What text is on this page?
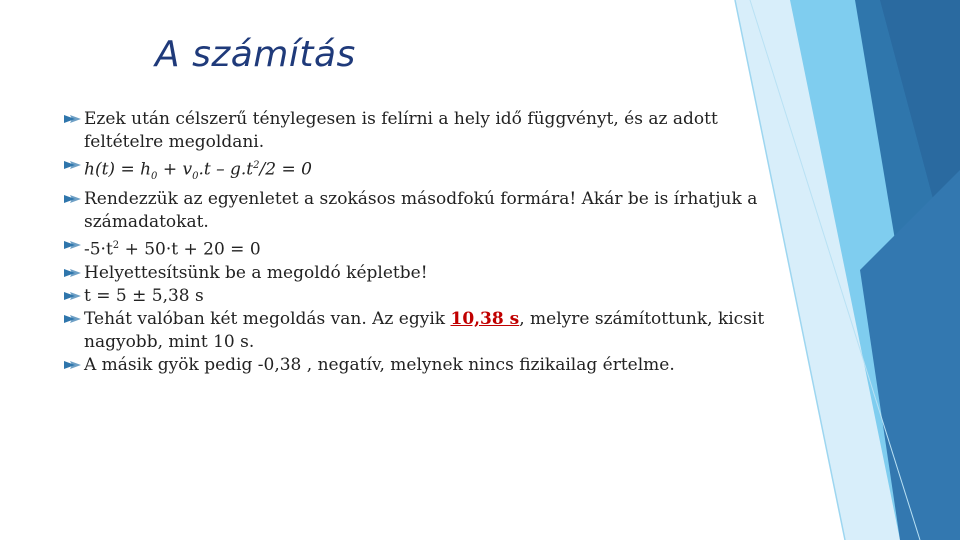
A számítás
Ezek után célszerű ténylegesen is felírni a hely idő függvényt, és az adott feltételre megoldani.
$h(t) = h_0 + v_0.t - g.t^2/2 = 0$
Rendezzük az egyenletet a szokásos másodfokú formára! Akár be is írhatjuk a számadatokat.
$-5\cdot t^2 + 50\cdot t + 20 = 0$
Helyettesítsünk be a megoldó képletbe!
t = 5 ± 5,38 s
Tehát valóban két megoldás van. Az egyik 10,38 s, melyre számítottunk, kicsit nagyobb, mint 10 s.
A másik gyök pedig -0,38 , negatív, melynek nincs fizikailag értelme.
